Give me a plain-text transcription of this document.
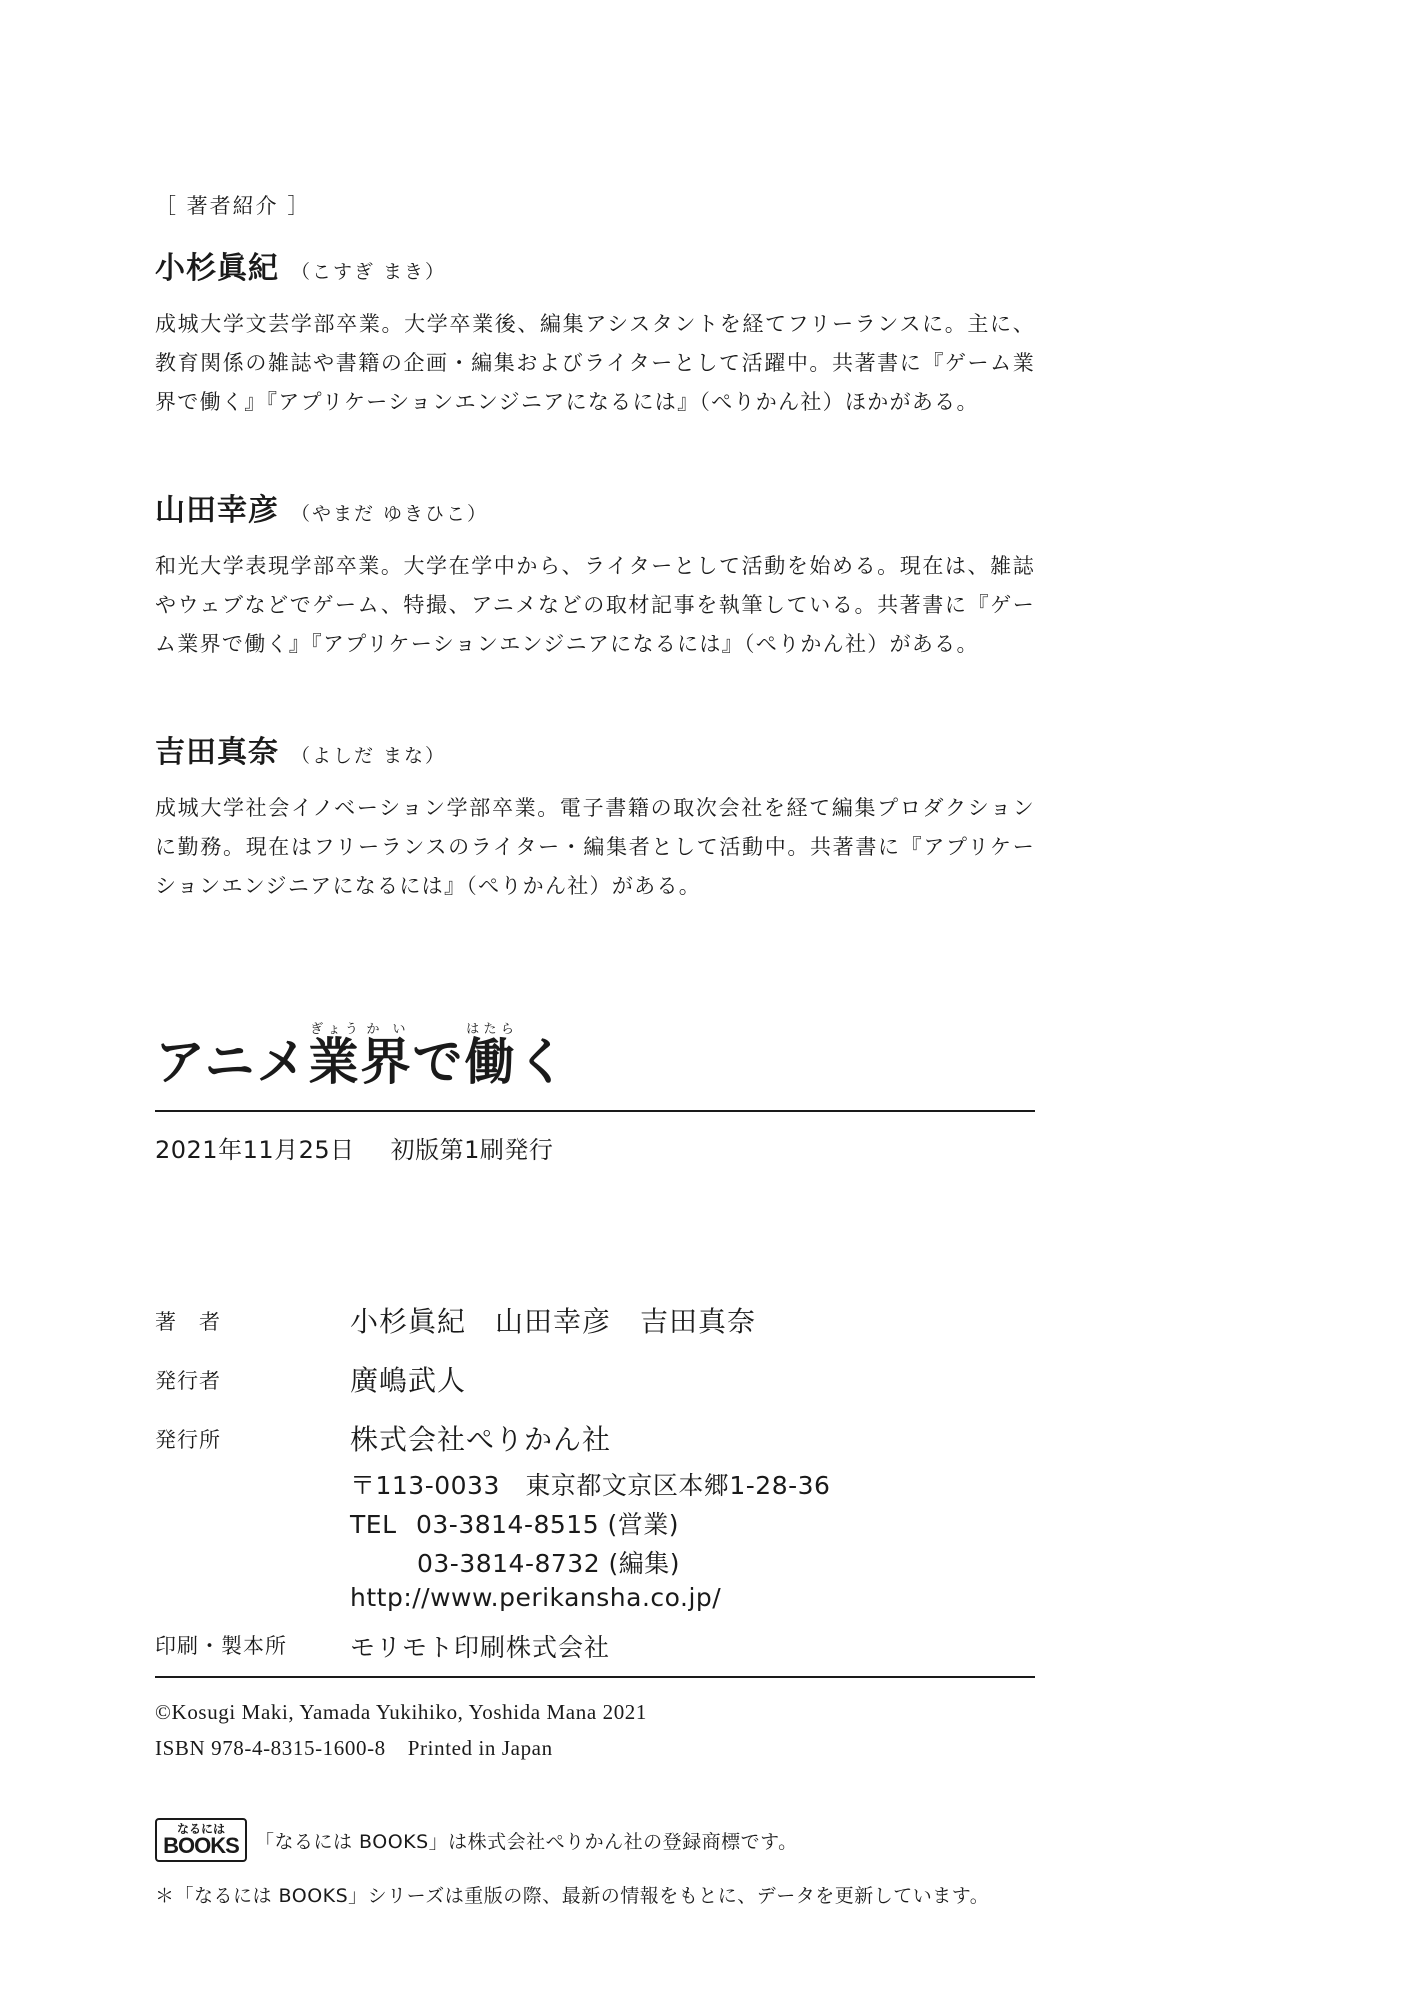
［ 著者紹介 ］
小杉眞紀 （こすぎ まき）
成城大学文芸学部卒業。大学卒業後、編集アシスタントを経てフリーランスに。主に、教育関係の雑誌や書籍の企画・編集およびライターとして活躍中。共著書に『ゲーム業界で働く』『アプリケーションエンジニアになるには』（ぺりかん社）ほかがある。
山田幸彦 （やまだ ゆきひこ）
和光大学表現学部卒業。大学在学中から、ライターとして活動を始める。現在は、雑誌やウェブなどでゲーム、特撮、アニメなどの取材記事を執筆している。共著書に『ゲーム業界で働く』『アプリケーションエンジニアになるには』（ぺりかん社）がある。
吉田真奈 （よしだ まな）
成城大学社会イノベーション学部卒業。電子書籍の取次会社を経て編集プロダクションに勤務。現在はフリーランスのライター・編集者として活動中。共著書に『アプリケーションエンジニアになるには』（ぺりかん社）がある。
アニメ業ぎょう界かいで働はたらく
2021年11月25日 初版第1刷発行
著　者	小杉眞紀　山田幸彦　吉田真奈
発行者	廣嶋武人
発行所	株式会社ぺりかん社
〒113-0033　東京都文京区本郷1-28-36
TEL 03-3814-8515 (営業)
03-3814-8732 (編集)
http://www.perikansha.co.jp/
印刷・製本所	モリモト印刷株式会社
©Kosugi Maki, Yamada Yukihiko, Yoshida Mana 2021
ISBN 978-4-8315-1600-8 Printed in Japan
なるには
BOOKS 「なるには BOOKS」は株式会社ぺりかん社の登録商標です。
＊「なるには BOOKS」シリーズは重版の際、最新の情報をもとに、データを更新しています。
